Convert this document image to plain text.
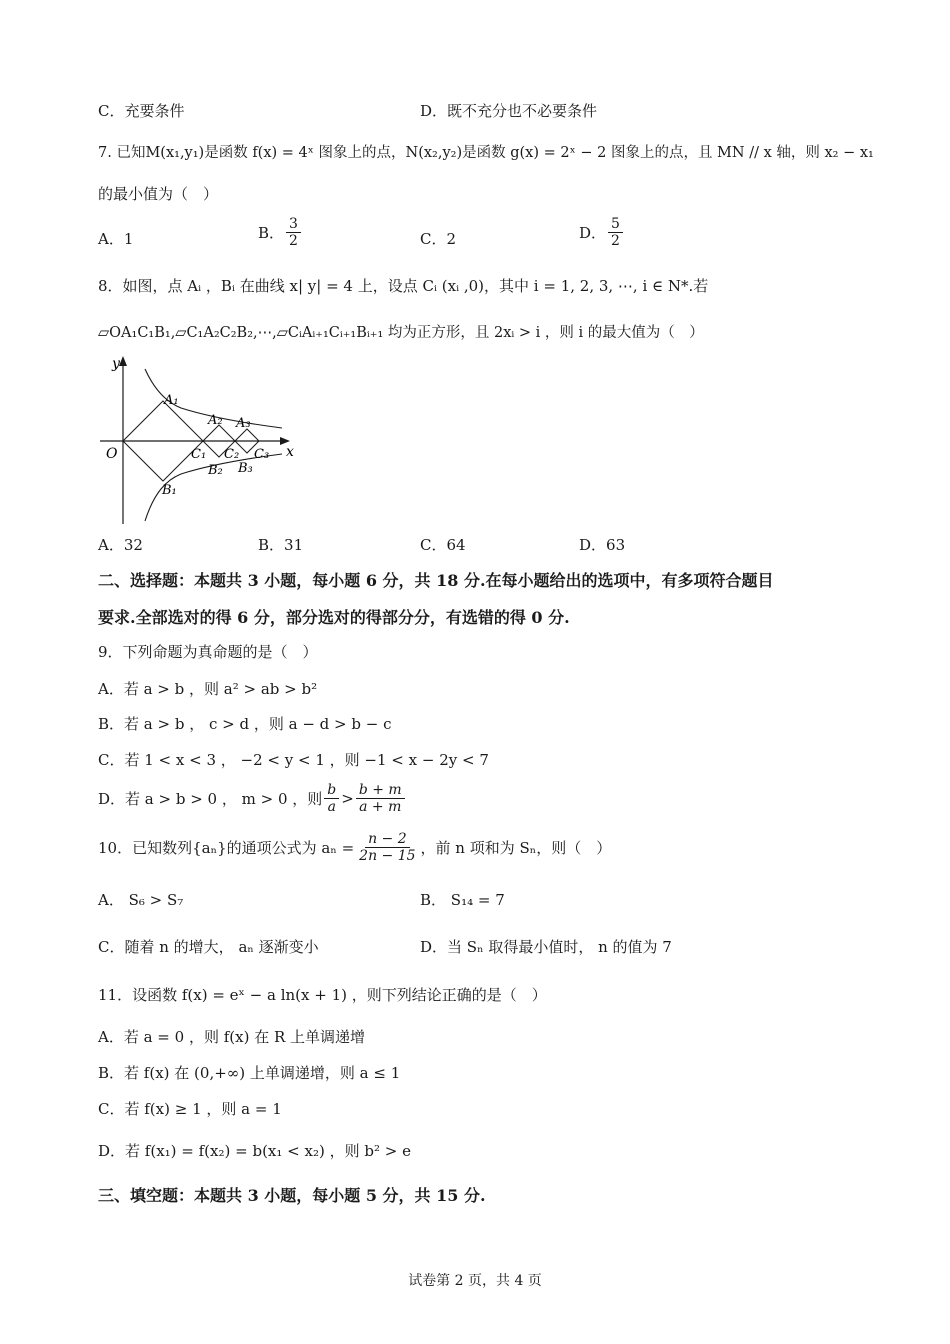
C．充要条件	D．既不充分也不必要条件
7. 已知M(x₁,y₁)是函数 f(x) = 4ˣ 图象上的点，N(x₂,y₂)是函数 g(x) = 2ˣ − 2 图象上的点，且 MN // x 轴，则 x₂ − x₁
的最小值为（　）
A．1	B． $\frac{3}{2}$	C．2	D． $\frac{5}{2}$
8．如图，点 Aᵢ ，Bᵢ 在曲线 x| y| = 4 上，设点 Cᵢ (xᵢ ,0)，其中 i = 1, 2, 3, ⋯, i ∈ N*.若
▱OA₁C₁B₁,▱C₁A₂C₂B₂,⋯,▱CᵢAᵢ₊₁Cᵢ₊₁Bᵢ₊₁ 均为正方形，且 2xᵢ > i ，则 i 的最大值为（　）
y
x
O
A₁
A₂ A₃
C₁ C₂ C₃
B₂ B₃
B₁
A．32	B．31	C．64	D．63
二、选择题：本题共 3 小题，每小题 6 分，共 18 分.在每小题给出的选项中，有多项符合题目
要求.全部选对的得 6 分，部分选对的得部分分，有选错的得 0 分.
9．下列命题为真命题的是（　）
A．若 a > b ，则 a² > ab > b²
B．若 a > b ， c > d ，则 a − d > b − c
C．若 1 < x < 3 ， −2 < y < 1 ，则 −1 < x − 2y < 7
D．若 a > b > 0 ， m > 0 ，则 $\frac{b}{a} > \frac{b + m}{a + m}$
10．已知数列{aₙ}的通项公式为 $a_n = \frac{n - 2}{2n - 15}$ ，前 n 项和为 Sₙ，则（　）
A． S₆ > S₇	B． S₁₄ = 7
C．随着 n 的增大， aₙ 逐渐变小	D．当 Sₙ 取得最小值时， n 的值为 7
11．设函数 f(x) = eˣ − a ln(x + 1) ，则下列结论正确的是（　）
A．若 a = 0 ，则 f(x) 在 R 上单调递增
B．若 f(x) 在 (0,+∞) 上单调递增，则 a ≤ 1
C．若 f(x) ≥ 1 ，则 a = 1
D．若 f(x₁) = f(x₂) = b(x₁ < x₂) ，则 b² > e
三、填空题：本题共 3 小题，每小题 5 分，共 15 分.
试卷第 2 页，共 4 页
